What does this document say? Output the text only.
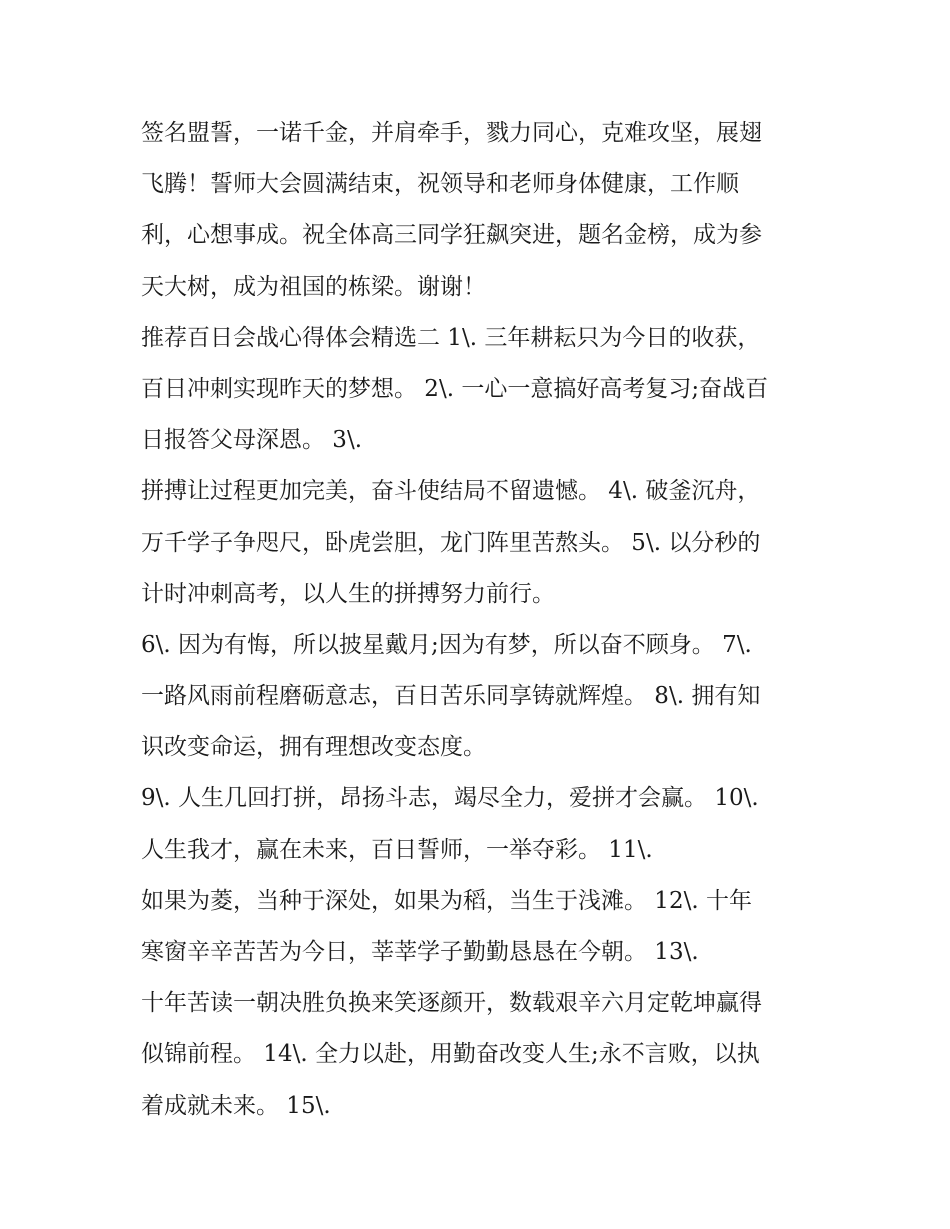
签名盟誓，一诺千金，并肩牵手，戮力同心，克难攻坚，展翅
飞腾！誓师大会圆满结束，祝领导和老师身体健康，工作顺
利，心想事成。祝全体高三同学狂飙突进，题名金榜，成为参
天大树，成为祖国的栋梁。谢谢！
推荐百日会战心得体会精选二 1\. 三年耕耘只为今日的收获，
百日冲刺实现昨天的梦想。 2\. 一心一意搞好高考复习;奋战百
日报答父母深恩。 3\.
拼搏让过程更加完美，奋斗使结局不留遗憾。 4\. 破釜沉舟，
万千学子争咫尺，卧虎尝胆，龙门阵里苦熬头。 5\. 以分秒的
计时冲刺高考，以人生的拼搏努力前行。
6\. 因为有悔，所以披星戴月;因为有梦，所以奋不顾身。 7\.
一路风雨前程磨砺意志，百日苦乐同享铸就辉煌。 8\. 拥有知
识改变命运，拥有理想改变态度。
9\. 人生几回打拼，昂扬斗志，竭尽全力，爱拼才会赢。 10\.
人生我才，赢在未来，百日誓师，一举夺彩。 11\.
如果为菱，当种于深处，如果为稻，当生于浅滩。 12\. 十年
寒窗辛辛苦苦为今日，莘莘学子勤勤恳恳在今朝。 13\.
十年苦读一朝决胜负换来笑逐颜开，数载艰辛六月定乾坤赢得
似锦前程。 14\. 全力以赴，用勤奋改变人生;永不言败，以执
着成就未来。 15\.
